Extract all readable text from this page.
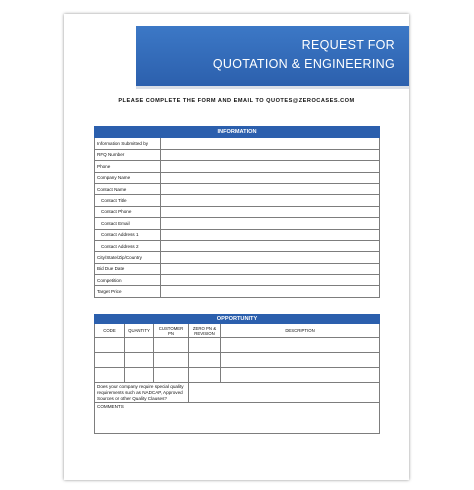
REQUEST FOR
QUOTATION & ENGINEERING
PLEASE COMPLETE THE FORM AND EMAIL TO QUOTES@ZEROCASES.COM
INFORMATION	
Information Submitted by	
RFQ Number	
Phone	
Company Name	
Contact Name	
Contact Title	
Contact Phone	
Contact Email	
Contact Address 1	
Contact Address 2	
City/State/Zip/Country	
Bid Due Date	
Competition	
Target Price	
OPPORTUNITY				
CODE	QUANTITY	CUSTOMER PN	ZERO PN & REVISION	DESCRIPTION

Does your company require special quality requirements such as NADCAP, Approved Sources or other Quality Clauses?				
COMMENTS				
